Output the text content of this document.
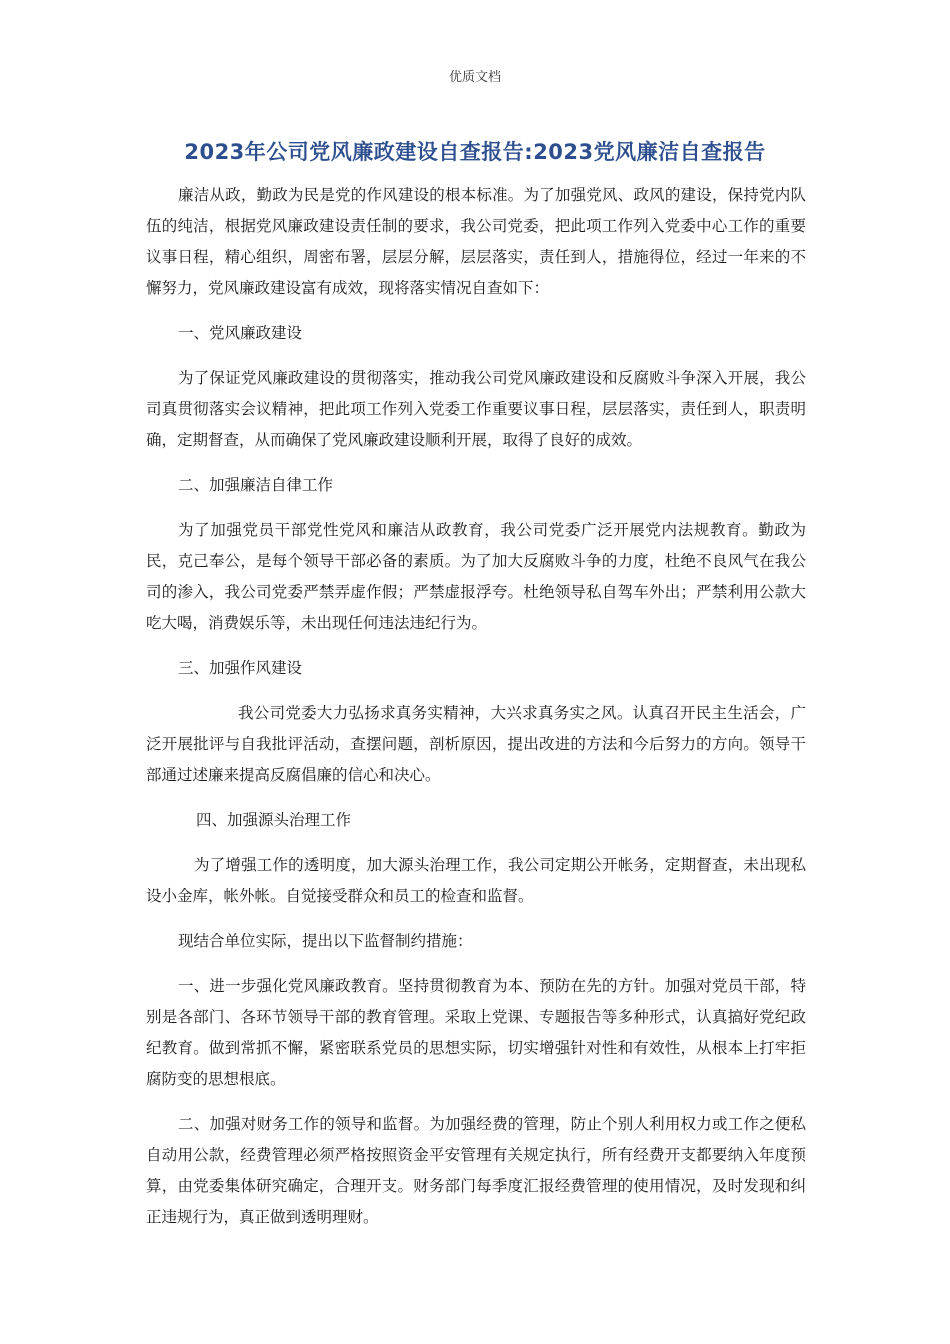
优质文档
2023年公司党风廉政建设自查报告:2023党风廉洁自查报告

廉洁从政，勤政为民是党的作风建设的根本标准。为了加强党风、政风的建设，保持党内队伍的纯洁，根据党风廉政建设责任制的要求，我公司党委，把此项工作列入党委中心工作的重要议事日程，精心组织，周密布署，层层分解，层层落实，责任到人，措施得位，经过一年来的不懈努力，党风廉政建设富有成效，现将落实情况自查如下：

一、党风廉政建设

为了保证党风廉政建设的贯彻落实，推动我公司党风廉政建设和反腐败斗争深入开展，我公司真贯彻落实会议精神，把此项工作列入党委工作重要议事日程，层层落实，责任到人，职责明确，定期督查，从而确保了党风廉政建设顺利开展，取得了良好的成效。

二、加强廉洁自律工作

为了加强党员干部党性党风和廉洁从政教育，我公司党委广泛开展党内法规教育。勤政为民，克己奉公，是每个领导干部必备的素质。为了加大反腐败斗争的力度，杜绝不良风气在我公司的渗入，我公司党委严禁弄虚作假；严禁虚报浮夸。杜绝领导私自驾车外出；严禁利用公款大吃大喝，消费娱乐等，未出现任何违法违纪行为。

三、加强作风建设

我公司党委大力弘扬求真务实精神，大兴求真务实之风。认真召开民主生活会，广泛开展批评与自我批评活动，查摆问题，剖析原因，提出改进的方法和今后努力的方向。领导干部通过述廉来提高反腐倡廉的信心和决心。

四、加强源头治理工作

为了增强工作的透明度，加大源头治理工作，我公司定期公开帐务，定期督查，未出现私设小金库，帐外帐。自觉接受群众和员工的检查和监督。

现结合单位实际，提出以下监督制约措施：

一、进一步强化党风廉政教育。坚持贯彻教育为本、预防在先的方针。加强对党员干部，特别是各部门、各环节领导干部的教育管理。采取上党课、专题报告等多种形式，认真搞好党纪政纪教育。做到常抓不懈，紧密联系党员的思想实际，切实增强针对性和有效性，从根本上打牢拒腐防变的思想根底。

二、加强对财务工作的领导和监督。为加强经费的管理，防止个别人利用权力或工作之便私自动用公款，经费管理必须严格按照资金平安管理有关规定执行，所有经费开支都要纳入年度预算，由党委集体研究确定，合理开支。财务部门每季度汇报经费管理的使用情况，及时发现和纠正违规行为，真正做到透明理财。
